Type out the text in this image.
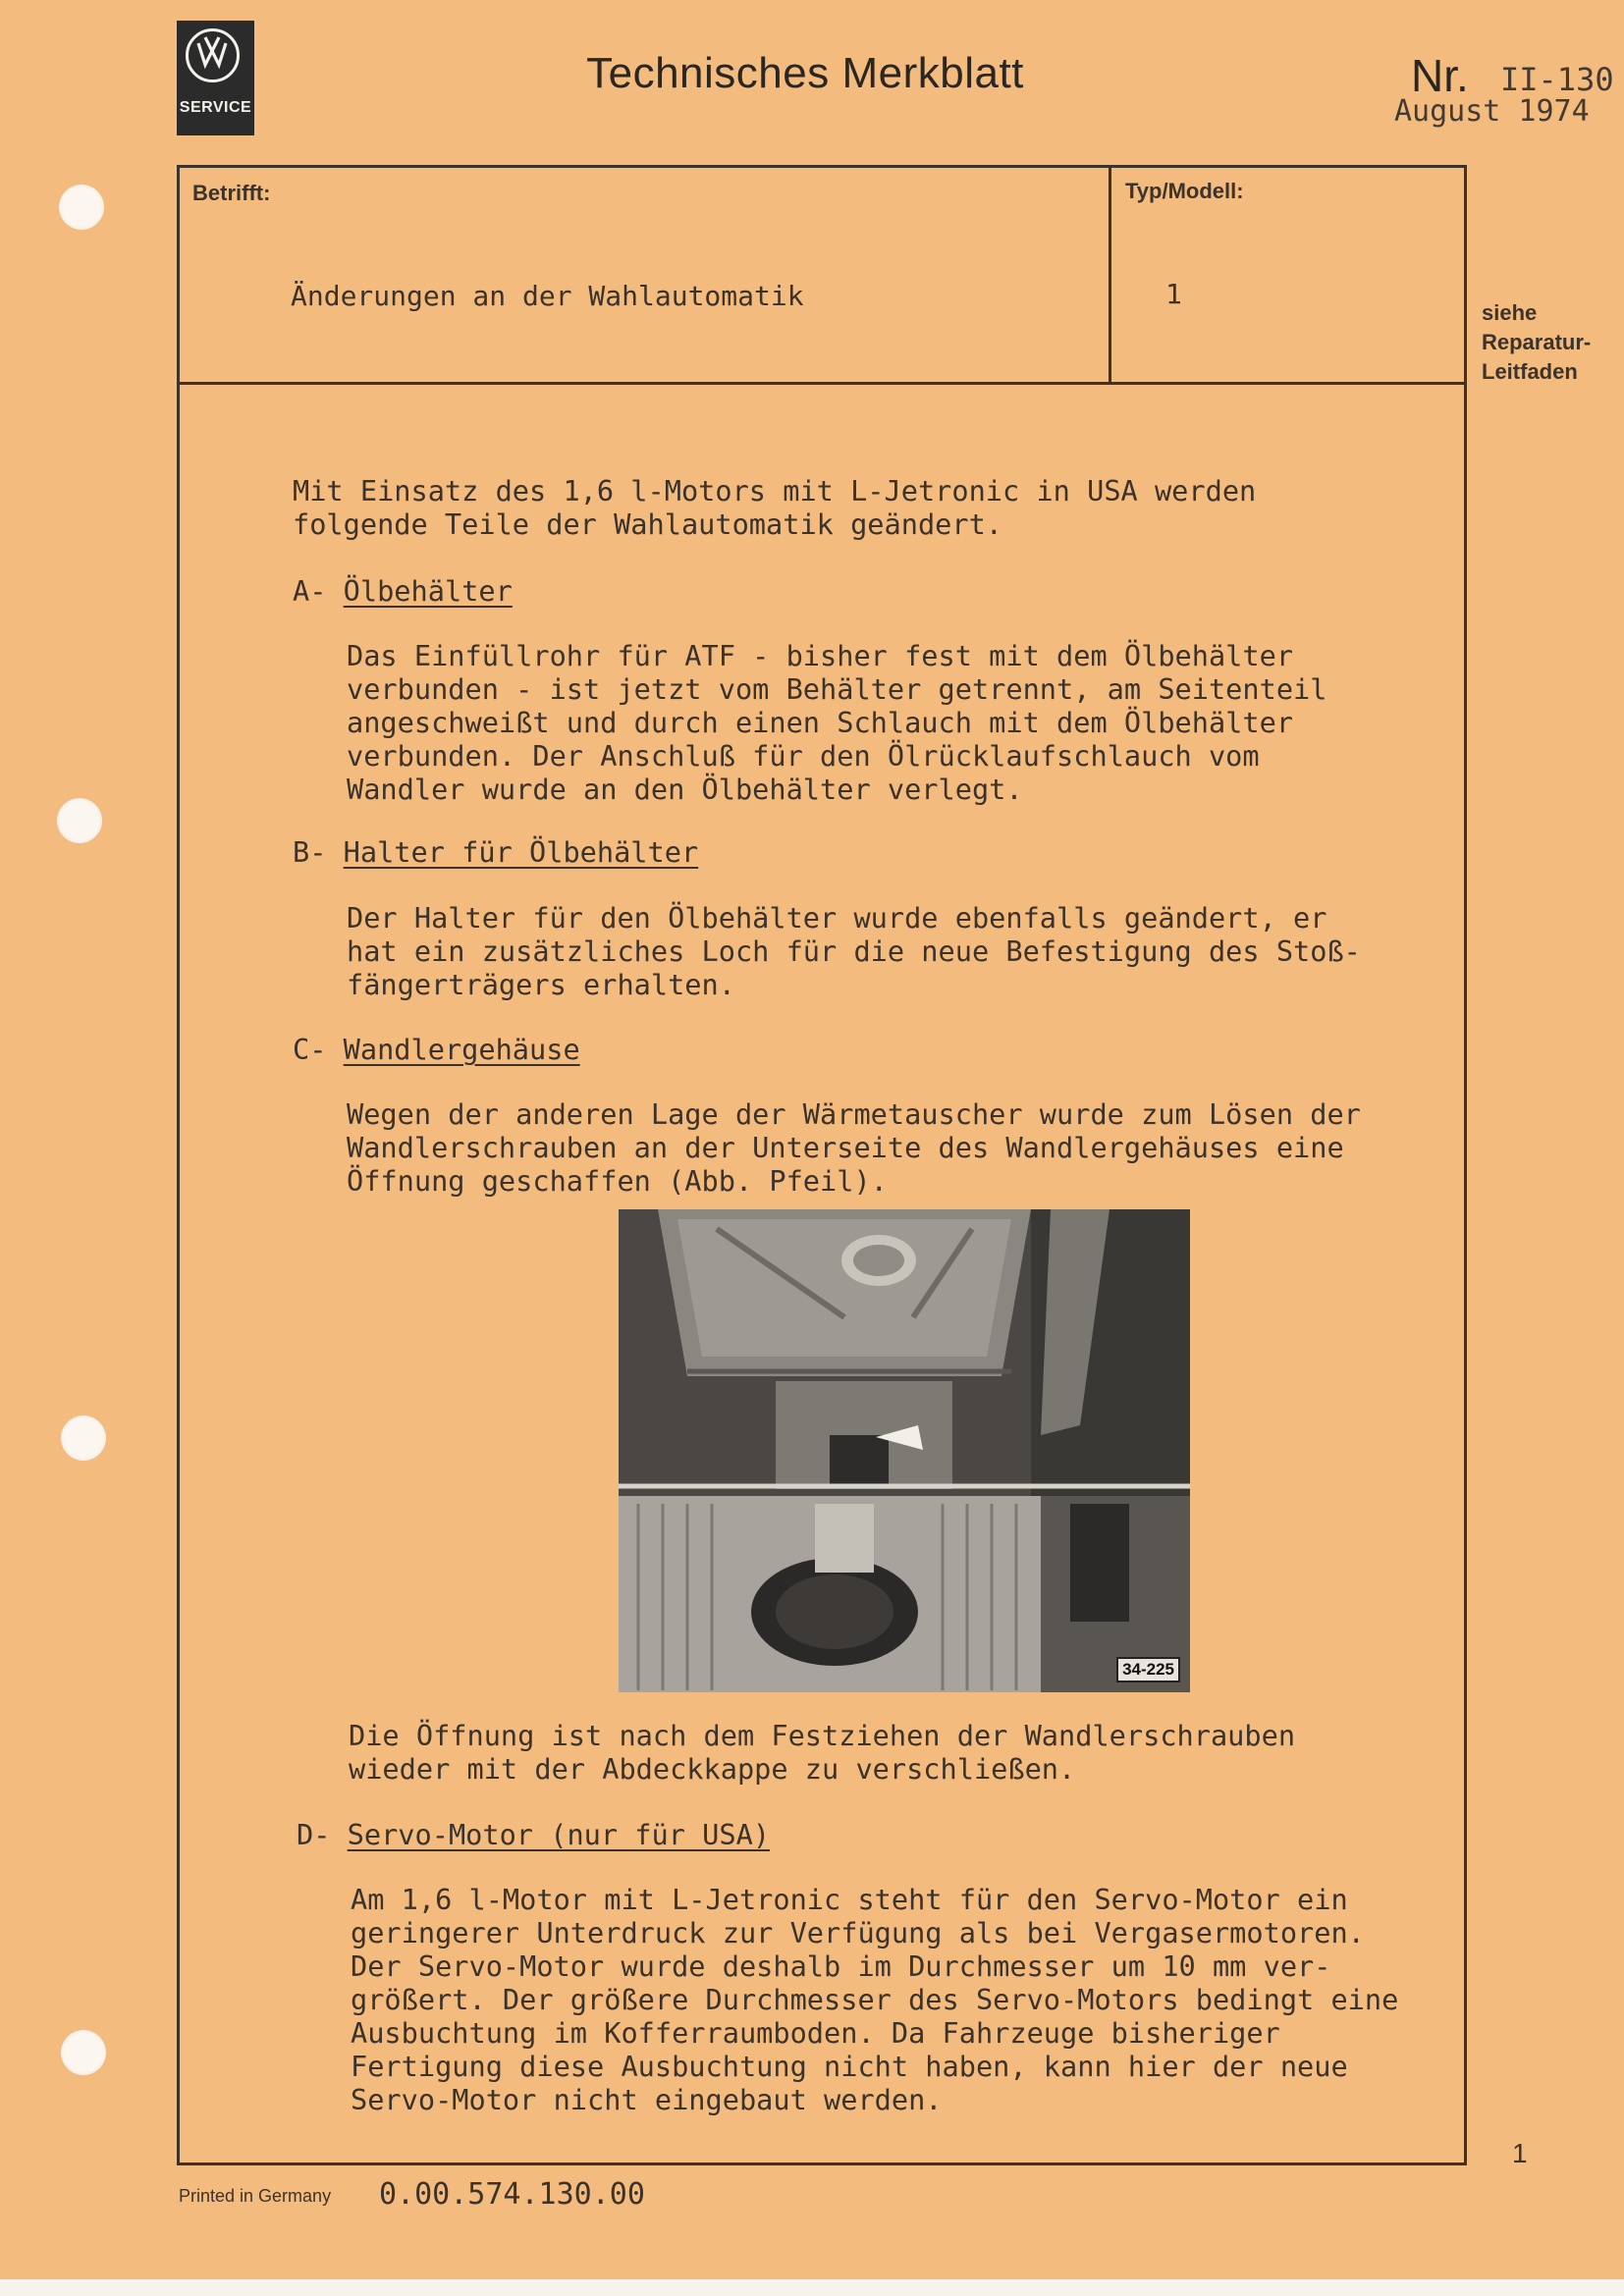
SERVICE
Technisches Merkblatt	Nr. II-130
August 1974
Betrifft:	Typ/Modell:
Änderungen an der Wahlautomatik	1
siehe
Reparatur-
Leitfaden
Mit Einsatz des 1,6 l-Motors mit L-Jetronic in USA werden
folgende Teile der Wahlautomatik geändert.
A- Ölbehälter
Das Einfüllrohr für ATF - bisher fest mit dem Ölbehälter
verbunden - ist jetzt vom Behälter getrennt, am Seitenteil
angeschweißt und durch einen Schlauch mit dem Ölbehälter
verbunden. Der Anschluß für den Ölrücklaufschlauch vom
Wandler wurde an den Ölbehälter verlegt.
B- Halter für Ölbehälter
Der Halter für den Ölbehälter wurde ebenfalls geändert, er
hat ein zusätzliches Loch für die neue Befestigung des Stoß-
fängerträgers erhalten.
C- Wandlergehäuse
Wegen der anderen Lage der Wärmetauscher wurde zum Lösen der
Wandlerschrauben an der Unterseite des Wandlergehäuses eine
Öffnung geschaffen (Abb. Pfeil).
34-225
Die Öffnung ist nach dem Festziehen der Wandlerschrauben
wieder mit der Abdeckkappe zu verschließen.
D- Servo-Motor (nur für USA)
Am 1,6 l-Motor mit L-Jetronic steht für den Servo-Motor ein
geringerer Unterdruck zur Verfügung als bei Vergasermotoren.
Der Servo-Motor wurde deshalb im Durchmesser um 10 mm ver-
größert. Der größere Durchmesser des Servo-Motors bedingt eine
Ausbuchtung im Kofferraumboden. Da Fahrzeuge bisheriger
Fertigung diese Ausbuchtung nicht haben, kann hier der neue
Servo-Motor nicht eingebaut werden.
1
Printed in Germany 0.00.574.130.00
